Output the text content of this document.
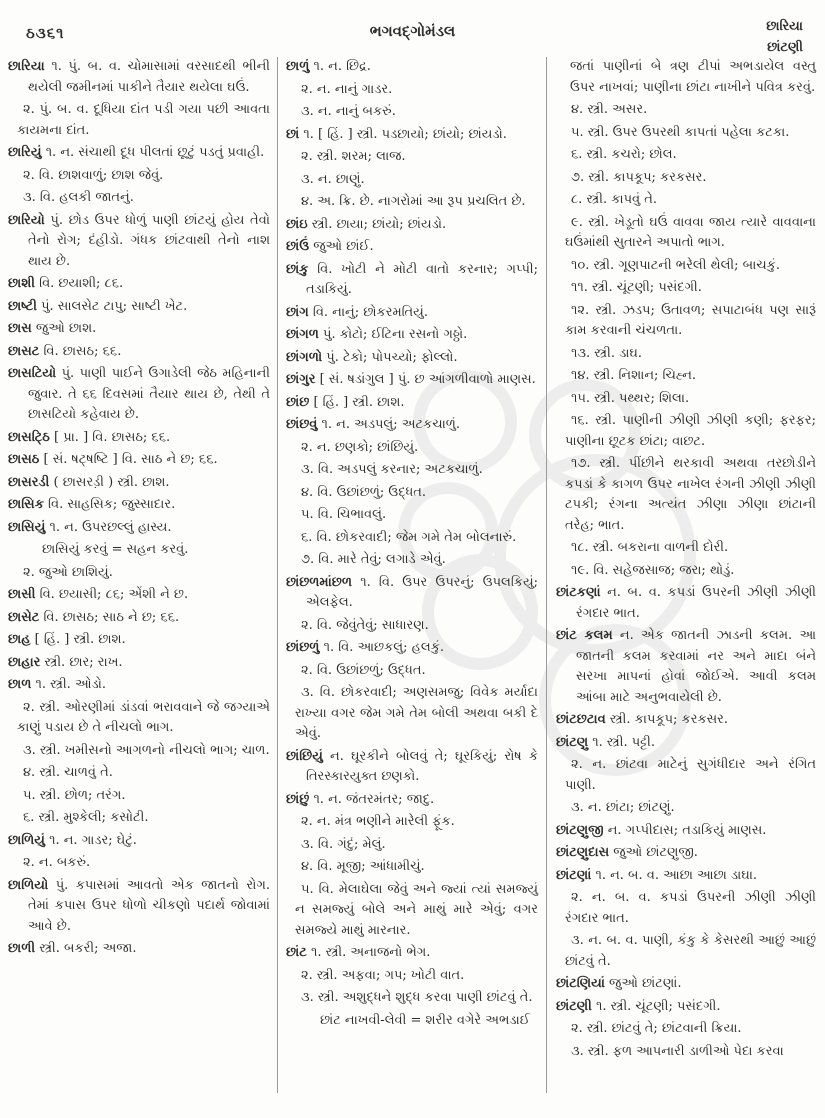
ઠ૩૬૧	ભગવદ્ગોમંડલ	છારિયા
છાંટણી

છારિયા ૧. પું. બ. વ. ચોમાસામાં વરસાદથી ભીની થયેલી જમીનમાં પાકીને તૈયાર થયેલા ઘઉં.

૨. પું. બ. વ. દૂધિયા દાંત પડી ગયા પછી આવતા કાયમના દાંત.

છારિયું ૧. ન. સંચાથી દૂધ પીલતાં છૂટું પડતું પ્રવાહી.

૨. વિ. છાશવાળું; છાશ જેવું.

૩. વિ. હલકી જાતનું.

છારિયો પું. છોડ ઉપર ધોળું પાણી છાંટયું હોય તેવો તેનો રોગ; દંહીડો. ગંધક છાંટવાથી તેનો નાશ થાય છે.

છાશી વિ. છયાશી; ૮૬.

છાષ્ટી પું. સાલસેટ ટાપુ; સાષ્ટી ખેટ.

છાસ જુઓ છાશ.

છાસટ વિ. છાસઠ; ૬૬.

છાસટિયો પું. પાણી પાઈને ઉગાડેલી જેઠ મહિનાની જુવાર. તે ૬૬ દિવસમાં તૈયાર થાય છે, તેથી તે છાસટિયો કહેવાય છે.

છાસટ્ઠિ [ પ્રા. ] વિ. છાસઠ; ૬૬.

છાસઠ [ સં. ષટ્ષષ્ટિ ] વિ. સાઠ ને છ; ૬૬.

છાસરડી ( છાસરડ઼ી ) સ્ત્રી. છાશ.

છાસિક વિ. સાહસિક; જુસ્સાદાર.

છાસિયું ૧. ન. ઉપરછલ્લું હાસ્ય.

છાસિયું કરવું = સહન કરવું.

૨. જુઓ છાશિયું.

છાસી વિ. છયાસી; ૮૬; એંશી ને છ.

છાસેટ વિ. છાસઠ; સાઠ ને છ; ૬૬.

છાહ [ હિં. ] સ્ત્રી. છાશ.

છાહાર સ્ત્રી. છાર; રાખ.

છાળ ૧. સ્ત્રી. ઓડો.

૨. સ્ત્રી. ઓરણીમાં ડાંડવાં ભરાવવાને જે જગ્યાએ કાણું પડાય છે તે નીચલો ભાગ.

૩. સ્ત્રી. ખમીસનો આગળનો નીચલો ભાગ; ચાળ.

૪. સ્ત્રી. ચાળવું તે.

૫. સ્ત્રી. છોળ; તરંગ.

૬. સ્ત્રી. મુશ્કેલી; કસોટી.

છાળિયું ૧. ન. ગાડર; ઘેટું.

૨. ન. બકરું.

છાળિયો પું. કપાસમાં આવતો એક જાતનો રોગ. તેમાં કપાસ ઉપર ધોળો ચીકણો પદાર્થ જોવામાં આવે છે.

છાળી સ્ત્રી. બકરી; અજા.

છાળું ૧. ન. છિદ્ર.

૨. ન. નાનું ગાડર.

૩. ન. નાનું બકરું.

છાં ૧. [ હિં. ] સ્ત્રી. પડછાયો; છાંયો; છાંયડો.

૨. સ્ત્રી. શરમ; લાજ.

૩. ન. છાણું.

૪. અ. ક્રિ. છે. નાગરોમાં આ રૂપ પ્રચલિત છે.

છાંઇ સ્ત્રી. છાયા; છાંયો; છાંયડો.

છાંઉં જુઓ છાંઈ.

છાંકુ વિ. ખોટી ને મોટી વાતો કરનાર; ગપ્પી; તડાકિયું.

છાંગ વિ. નાનું; છોકરમતિયું.

છાંગળ પું. કોટો; ઈટિના રસનો ગઠ્ઠો.

છાંગળો પું. ટેકો; પોપચ્યો; ફોલ્લો.

છાંગુર [ સં. ષડાંગુલ ] પું. છ આંગળીવાળો માણસ.

છાંછ [ હિં. ] સ્ત્રી. છાશ.

છાંછવું ૧. ન. અડપલું; અટકચાળું.

૨. ન. છણકો; છાંછિયું.

૩. વિ. અડપલું કરનાર; અટકચાળું.

૪. વિ. ઉછાંછળું; ઉદ્ધત.

૫. વિ. ચિભાવલું.

૬. વિ. છોકરવાદી; જેમ ગમે તેમ બોલનારું.

૭. વિ. મારે તેવું; લગાડે એવું.

છાંછળમાંછળ ૧. વિ. ઉપર ઉપરનું; ઉપલકિયું; એલફેલ.

૨. વિ. જેવુંતેવું; સાધારણ.

છાંછળું ૧. વિ. આછકલું; હલકું.

૨. વિ. ઉછાંછળું; ઉદ્ધત.

૩. વિ. છોકરવાદી; અણસમજુ; વિવેક મર્યાદા રાખ્યા વગર જેમ ગમે તેમ બોલી અથવા બકી દે એવું.

છાંછિયું ન. ઘૂરકીને બોલવું તે; ઘૂરકિયું; રોષ કે તિરસ્કારયુક્ત છણકો.

છાંછું ૧. ન. જંતરમંતર; જાદુ.

૨. ન. મંત્ર ભણીને મારેલી ફૂંક.

૩. વિ. ગંદું; મેલું.

૪. વિ. મૂજી; આંધામીચું.

૫. વિ. મેલાઘેલા જેવું અને જ્યાં ત્યાં સમજ્યું ન સમજ્યું બોલે અને માથું મારે એવું; વગર સમજ્યે માથું મારનાર.

છાંટ ૧. સ્ત્રી. અનાજનો ભેગ.

૨. સ્ત્રી. અફવા; ગપ; ખોટી વાત.

૩. સ્ત્રી. અશુદ્ધને શુદ્ધ કરવા પાણી છાંટવું તે.

છાંટ નાખવી-લેવી = શરીર વગેરે અભડાઈ

જતાં પાણીનાં બે ત્રણ ટીપાં અભડાયેલ વસ્તુ ઉપર નાખવાં; પાણીના છાંટા નાખીને પવિત્ર કરવું.

૪. સ્ત્રી. અસર.

૫. સ્ત્રી. ઉપર ઉપરથી કાપતાં પહેલા કટકા.

૬. સ્ત્રી. કચરો; છોલ.

૭. સ્ત્રી. કાપકૂપ; કરકસર.

૮. સ્ત્રી. કાપવું તે.

૯. સ્ત્રી. ખેડૂતો ઘઉં વાવવા જાય ત્યારે વાવવાના ઘઉંમાંથી સુતારને અપાતો ભાગ.

૧૦. સ્ત્રી. ગૂણપાટની ભરેલી થેલી; બાચકું.

૧૧. સ્ત્રી. ચૂંટણી; પસંદગી.

૧૨. સ્ત્રી. ઝડપ; ઉતાવળ; સપાટાબંધ પણ સારૂં કામ કરવાની ચંચળતા.

૧૩. સ્ત્રી. ડાઘ.

૧૪. સ્ત્રી. નિશાન; ચિહ્ન.

૧૫. સ્ત્રી. પથ્થર; શિલા.

૧૬. સ્ત્રી. પાણીની ઝીણી ઝીણી કણી; ફરફર; પાણીના છૂટક છાંટા; વાછટ.

૧૭. સ્ત્રી. પીંછીને થરકાવી અથવા તરછોડીને કપડાં કે કાગળ ઉપર નાખેલ રંગની ઝીણી ઝીણી ટપકી; રંગના અત્યંત ઝીણા ઝીણા છાંટાની તરેહ; ભાત.

૧૮. સ્ત્રી. બકરાના વાળની દોરી.

૧૯. વિ. સહેજસાજ; જરા; થોડું.

છાંટકણાં ન. બ. વ. કપડાં ઉપરની ઝીણી ઝીણી રંગદાર ભાત.

છાંટ કલમ ન. એક જાતની ઝાડની કલમ. આ જાતની કલમ કરવામાં નર અને માદા બંને સરખા માપનાં હોવાં જોઈએ. આવી કલમ આંબા માટે અનુભવાયેલી છે.

છાંટછટાવ સ્ત્રી. કાપકૂપ; કરકસર.

છાંટણુ ૧. સ્ત્રી. પટ્ટી.

૨. ન. છાંટવા માટેનું સુગંધીદાર અને રંગિત પાણી.

૩. ન. છાંટા; છાંટણું.

છાંટણુજી ન. ગપ્પીદાસ; તડાકિયું માણસ.

છાંટણુદાસ જુઓ છાંટણુજી.

છાંટણાં ૧. ન. બ. વ. આછા આછા ડાઘા.

૨. ન. બ. વ. કપડાં ઉપરની ઝીણી ઝીણી રંગદાર ભાત.

૩. ન. બ. વ. પાણી, કંકુ કે કેસરથી આછું આછું છાંટવું તે.

છાંટણિયાં જુઓ છાંટણાં.

છાંટણી ૧. સ્ત્રી. ચૂંટણી; પસંદગી.

૨. સ્ત્રી. છાંટવું તે; છાંટવાની ક્રિયા.

૩. સ્ત્રી. ફળ આપનારી ડાળીઓ પેદા કરવા
